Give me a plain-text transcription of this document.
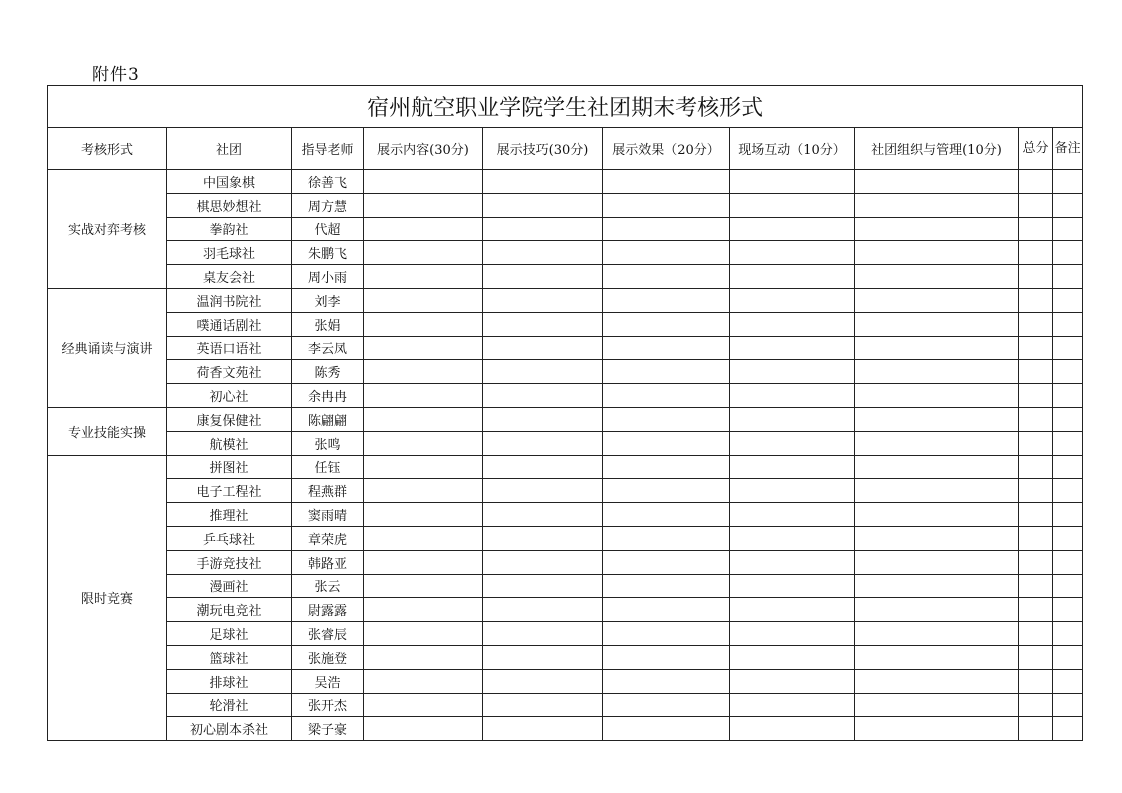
附件3
宿州航空职业学院学生社团期末考核形式									
考核形式	社团	指导老师	展示内容(30分)	展示技巧(30分)	展示效果（20分）	现场互动（10分）	社团组织与管理(10分)	总分	备注
实战对弈考核	中国象棋	徐善飞							
	棋思妙想社	周方慧							
	拳韵社	代超							
	羽毛球社	朱鹏飞							
	桌友会社	周小雨							
经典诵读与演讲	温润书院社	刘李							
	噗通话剧社	张娟							
	英语口语社	李云凤							
	荷香文苑社	陈秀							
	初心社	余冉冉							
专业技能实操	康复保健社	陈翩翩							
	航模社	张鸣							
限时竞赛	拼图社	任钰							
	电子工程社	程燕群							
	推理社	窦雨晴							
	乒乓球社	章荣虎							
	手游竞技社	韩路亚							
	漫画社	张云							
	潮玩电竞社	尉露露							
	足球社	张睿辰							
	篮球社	张施登							
	排球社	吴浩							
	轮滑社	张开杰							
	初心剧本杀社	梁子豪							
